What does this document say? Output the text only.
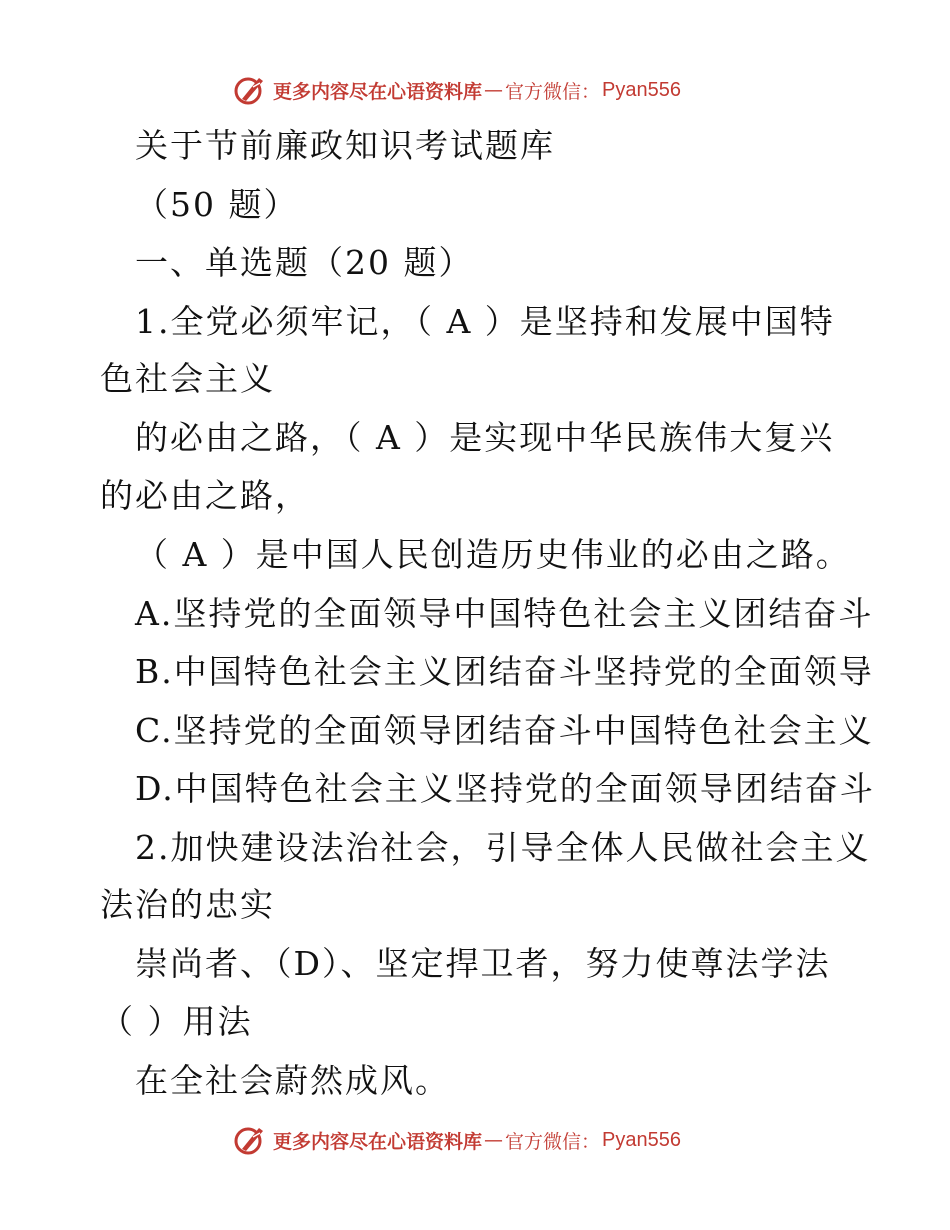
更多内容尽在心语资料库 — 官方微信： Pyan556
关于节前廉政知识考试题库
（50 题）
一、单选题（20 题）
1.全党必须牢记，（ A ）是坚持和发展中国特
色社会主义
的必由之路，（ A ）是实现中华民族伟大复兴
的必由之路，
（ A ）是中国人民创造历史伟业的必由之路。
A.坚持党的全面领导中国特色社会主义团结奋斗
B.中国特色社会主义团结奋斗坚持党的全面领导
C.坚持党的全面领导团结奋斗中国特色社会主义
D.中国特色社会主义坚持党的全面领导团结奋斗
2.加快建设法治社会，引导全体人民做社会主义
法治的忠实
崇尚者、（D）、坚定捍卫者，努力使尊法学法
（ ）用法
在全社会蔚然成风。
更多内容尽在心语资料库 — 官方微信： Pyan556
